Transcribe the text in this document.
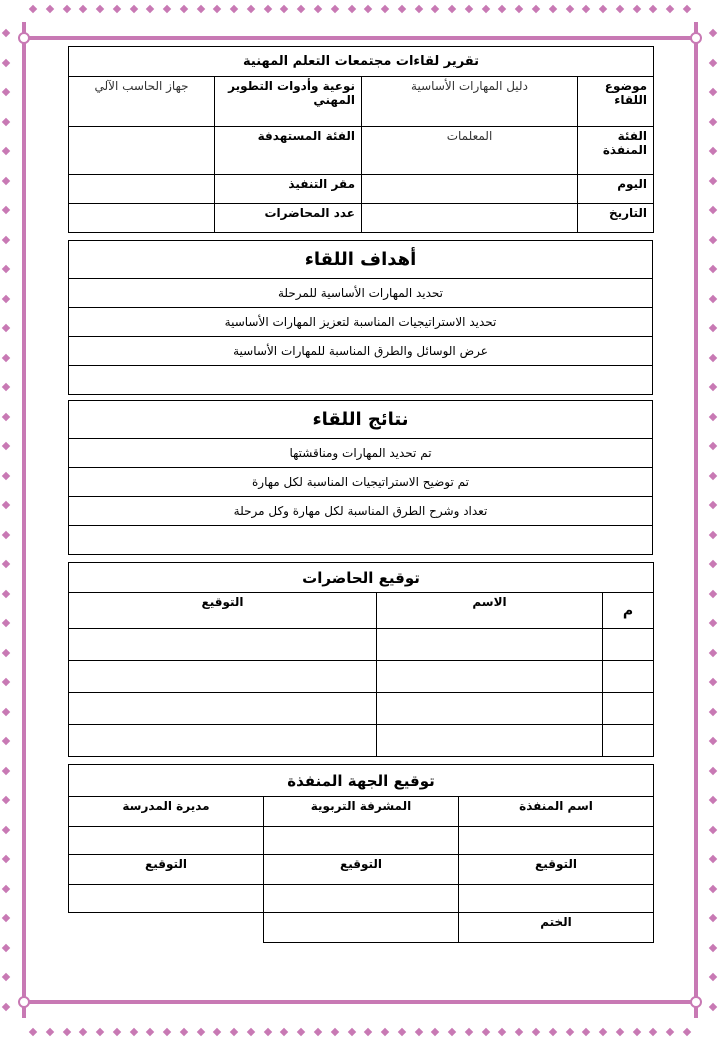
تقرير لقاءات مجتمعات التعلم المهنية			
جهاز الحاسب الآلي	نوعية وأدوات التطوير المهني	دليل المهارات الأساسية	موضوع اللقاء
	الفئة المستهدفة	المعلمات	الفئة المنفذة
	مقر التنفيذ		اليوم
	عدد المحاضرات		التاريخ
أهداف اللقاء
تحديد المهارات الأساسية للمرحلة
تحديد الاستراتيجيات المناسبة لتعزيز المهارات الأساسية
عرض الوسائل والطرق المناسبة للمهارات الأساسية

نتائج اللقاء
تم تحديد المهارات ومناقشتها
تم توضيح الاستراتيجيات المناسبة لكل مهارة
تعداد وشرح الطرق المناسبة لكل مهارة وكل مرحلة

توقيع الحاضرات		
التوقيع	الاسم	م

توقيع الجهة المنفذة		
مديرة المدرسة	المشرفة التربوية	اسم المنفذة

التوقيع	التوقيع	التوقيع

		الختم
